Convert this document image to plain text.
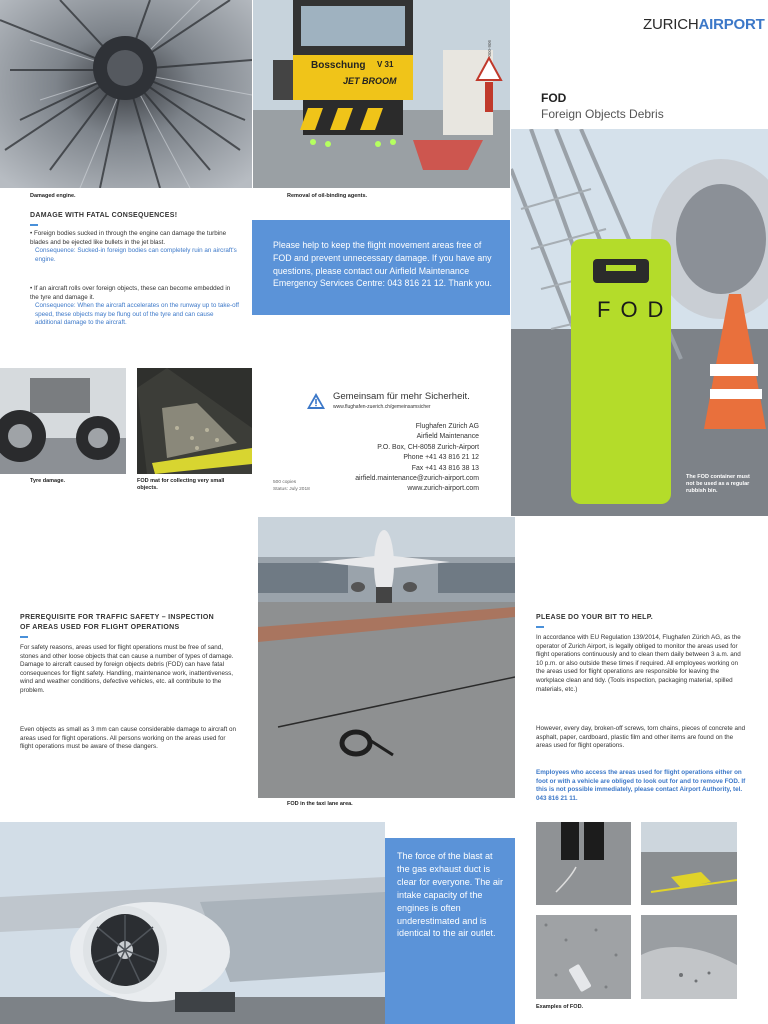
Damaged engine.
Bosschung V 31
JET BROOM
906-000
Removal of oil-binding agents.
ZURICHAIRPORT
FOD
Foreign Objects Debris
FOD
The FOD container must not be used as a regular rubbish bin.
DAMAGE WITH FATAL CONSEQUENCES!

• Foreign bodies sucked in through the engine can damage the turbine blades and be ejected like bullets in the jet blast.

Consequence: Sucked-in foreign bodies can completely ruin an aircraft's engine.

• If an aircraft rolls over foreign objects, these can become embedded in the tyre and damage it.

Consequence: When the aircraft accelerates on the runway up to take-off speed, these objects may be flung out of the tyre and can cause additional damage to the aircraft.

Please help to keep the flight movement areas free of FOD and prevent unnecessary damage. If you have any questions, please contact our Airfield Maintenance Emergency Services Centre: 043 816 21 12. Thank you.
Tyre damage.	FOD mat for collecting very small objects.
Gemeinsam für mehr Sicherheit.
www.flughafen-zuerich.ch/gemeinsamsicher
Flughafen Zürich AG
Airfield Maintenance
P.O. Box, CH-8058 Zurich-Airport
Phone +41 43 816 21 12
Fax +41 43 816 38 13
airfield.maintenance@zurich-airport.com
www.zurich-airport.com
500 copies
Status: July 2018
FOD in the taxi lane area.
PREREQUISITE FOR TRAFFIC SAFETY – INSPECTION
OF AREAS USED FOR FLIGHT OPERATIONS
For safety reasons, areas used for flight operations must be free of sand, stones and other loose objects that can cause a number of types of damage. Damage to aircraft caused by foreign objects debris (FOD) can have fatal consequences for flight safety. Handling, maintenance work, inattentiveness, wind and weather conditions, defective vehicles, etc. all contribute to the problem.
Even objects as small as 3 mm can cause considerable damage to aircraft on areas used for flight operations. All persons working on the areas used for flight operations must be aware of these dangers.
PLEASE DO YOUR BIT TO HELP.
In accordance with EU Regulation 139/2014, Flughafen Zürich AG, as the operator of Zurich Airport, is legally obliged to monitor the areas used for flight operations continuously and to clean them daily between 3 a.m. and 10 p.m. or also outside these times if required. All employees working on the areas used for flight operations are responsible for leaving the workplace clean and tidy. (Tools inspection, packaging material, spilled materials, etc.)
However, every day, broken-off screws, torn chains, pieces of concrete and asphalt, paper, cardboard, plastic film and other items are found on the areas used for flight operations.
Employees who access the areas used for flight operations either on foot or with a vehicle are obliged to look out for and to remove FOD. If this is not possible immediately, please contact Airport Authority, tel. 043 816 21 11.
The force of the blast at the gas exhaust duct is clear for everyone. The air intake capacity of the engines is often underestimated and is identical to the air outlet.
Examples of FOD.
